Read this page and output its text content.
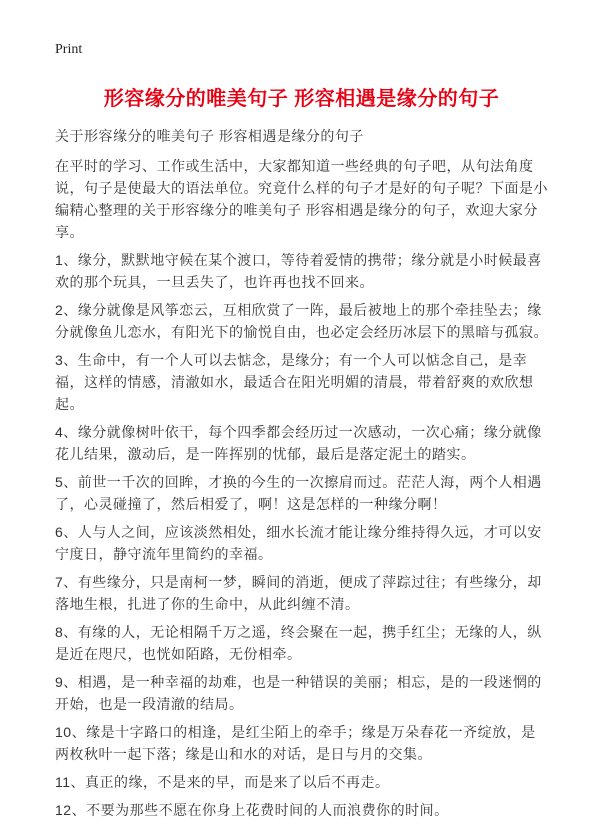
Print
形容缘分的唯美句子 形容相遇是缘分的句子

关于形容缘分的唯美句子 形容相遇是缘分的句子

在平时的学习、工作或生活中，大家都知道一些经典的句子吧，从句法角度说，句子是使最大的语法单位。究竟什么样的句子才是好的句子呢？下面是小编精心整理的关于形容缘分的唯美句子 形容相遇是缘分的句子，欢迎大家分享。

1、缘分，默默地守候在某个渡口，等待着爱情的携带；缘分就是小时候最喜欢的那个玩具，一旦丢失了，也许再也找不回来。

2、缘分就像是风筝恋云，互相欣赏了一阵，最后被地上的那个牵挂坠去；缘分就像鱼儿恋水，有阳光下的愉悦自由，也必定会经历冰层下的黑暗与孤寂。

3、生命中，有一个人可以去惦念，是缘分；有一个人可以惦念自己，是幸福，这样的情感，清澈如水，最适合在阳光明媚的清晨，带着舒爽的欢欣想起。

4、缘分就像树叶依干，每个四季都会经历过一次感动，一次心痛；缘分就像花儿结果，激动后，是一阵挥别的忧郁，最后是落定泥土的踏实。

5、前世一千次的回眸，才换的今生的一次擦肩而过。茫茫人海，两个人相遇了，心灵碰撞了，然后相爱了，啊！这是怎样的一种缘分啊！

6、人与人之间，应该淡然相处，细水长流才能让缘分维持得久远，才可以安宁度日，静守流年里简约的幸福。

7、有些缘分，只是南柯一梦，瞬间的消逝，便成了萍踪过往；有些缘分，却落地生根，扎进了你的生命中，从此纠缠不清。

8、有缘的人，无论相隔千万之遥，终会聚在一起，携手红尘；无缘的人，纵是近在咫尺，也恍如陌路，无份相牵。

9、相遇，是一种幸福的劫难，也是一种错误的美丽；相忘，是的一段迷惘的开始，也是一段清澈的结局。

10、缘是十字路口的相逢，是红尘陌上的牵手；缘是万朵春花一齐绽放，是两枚秋叶一起下落；缘是山和水的对话，是日与月的交集。

11、真正的缘，不是来的早，而是来了以后不再走。

12、不要为那些不愿在你身上花费时间的人而浪费你的时间。
